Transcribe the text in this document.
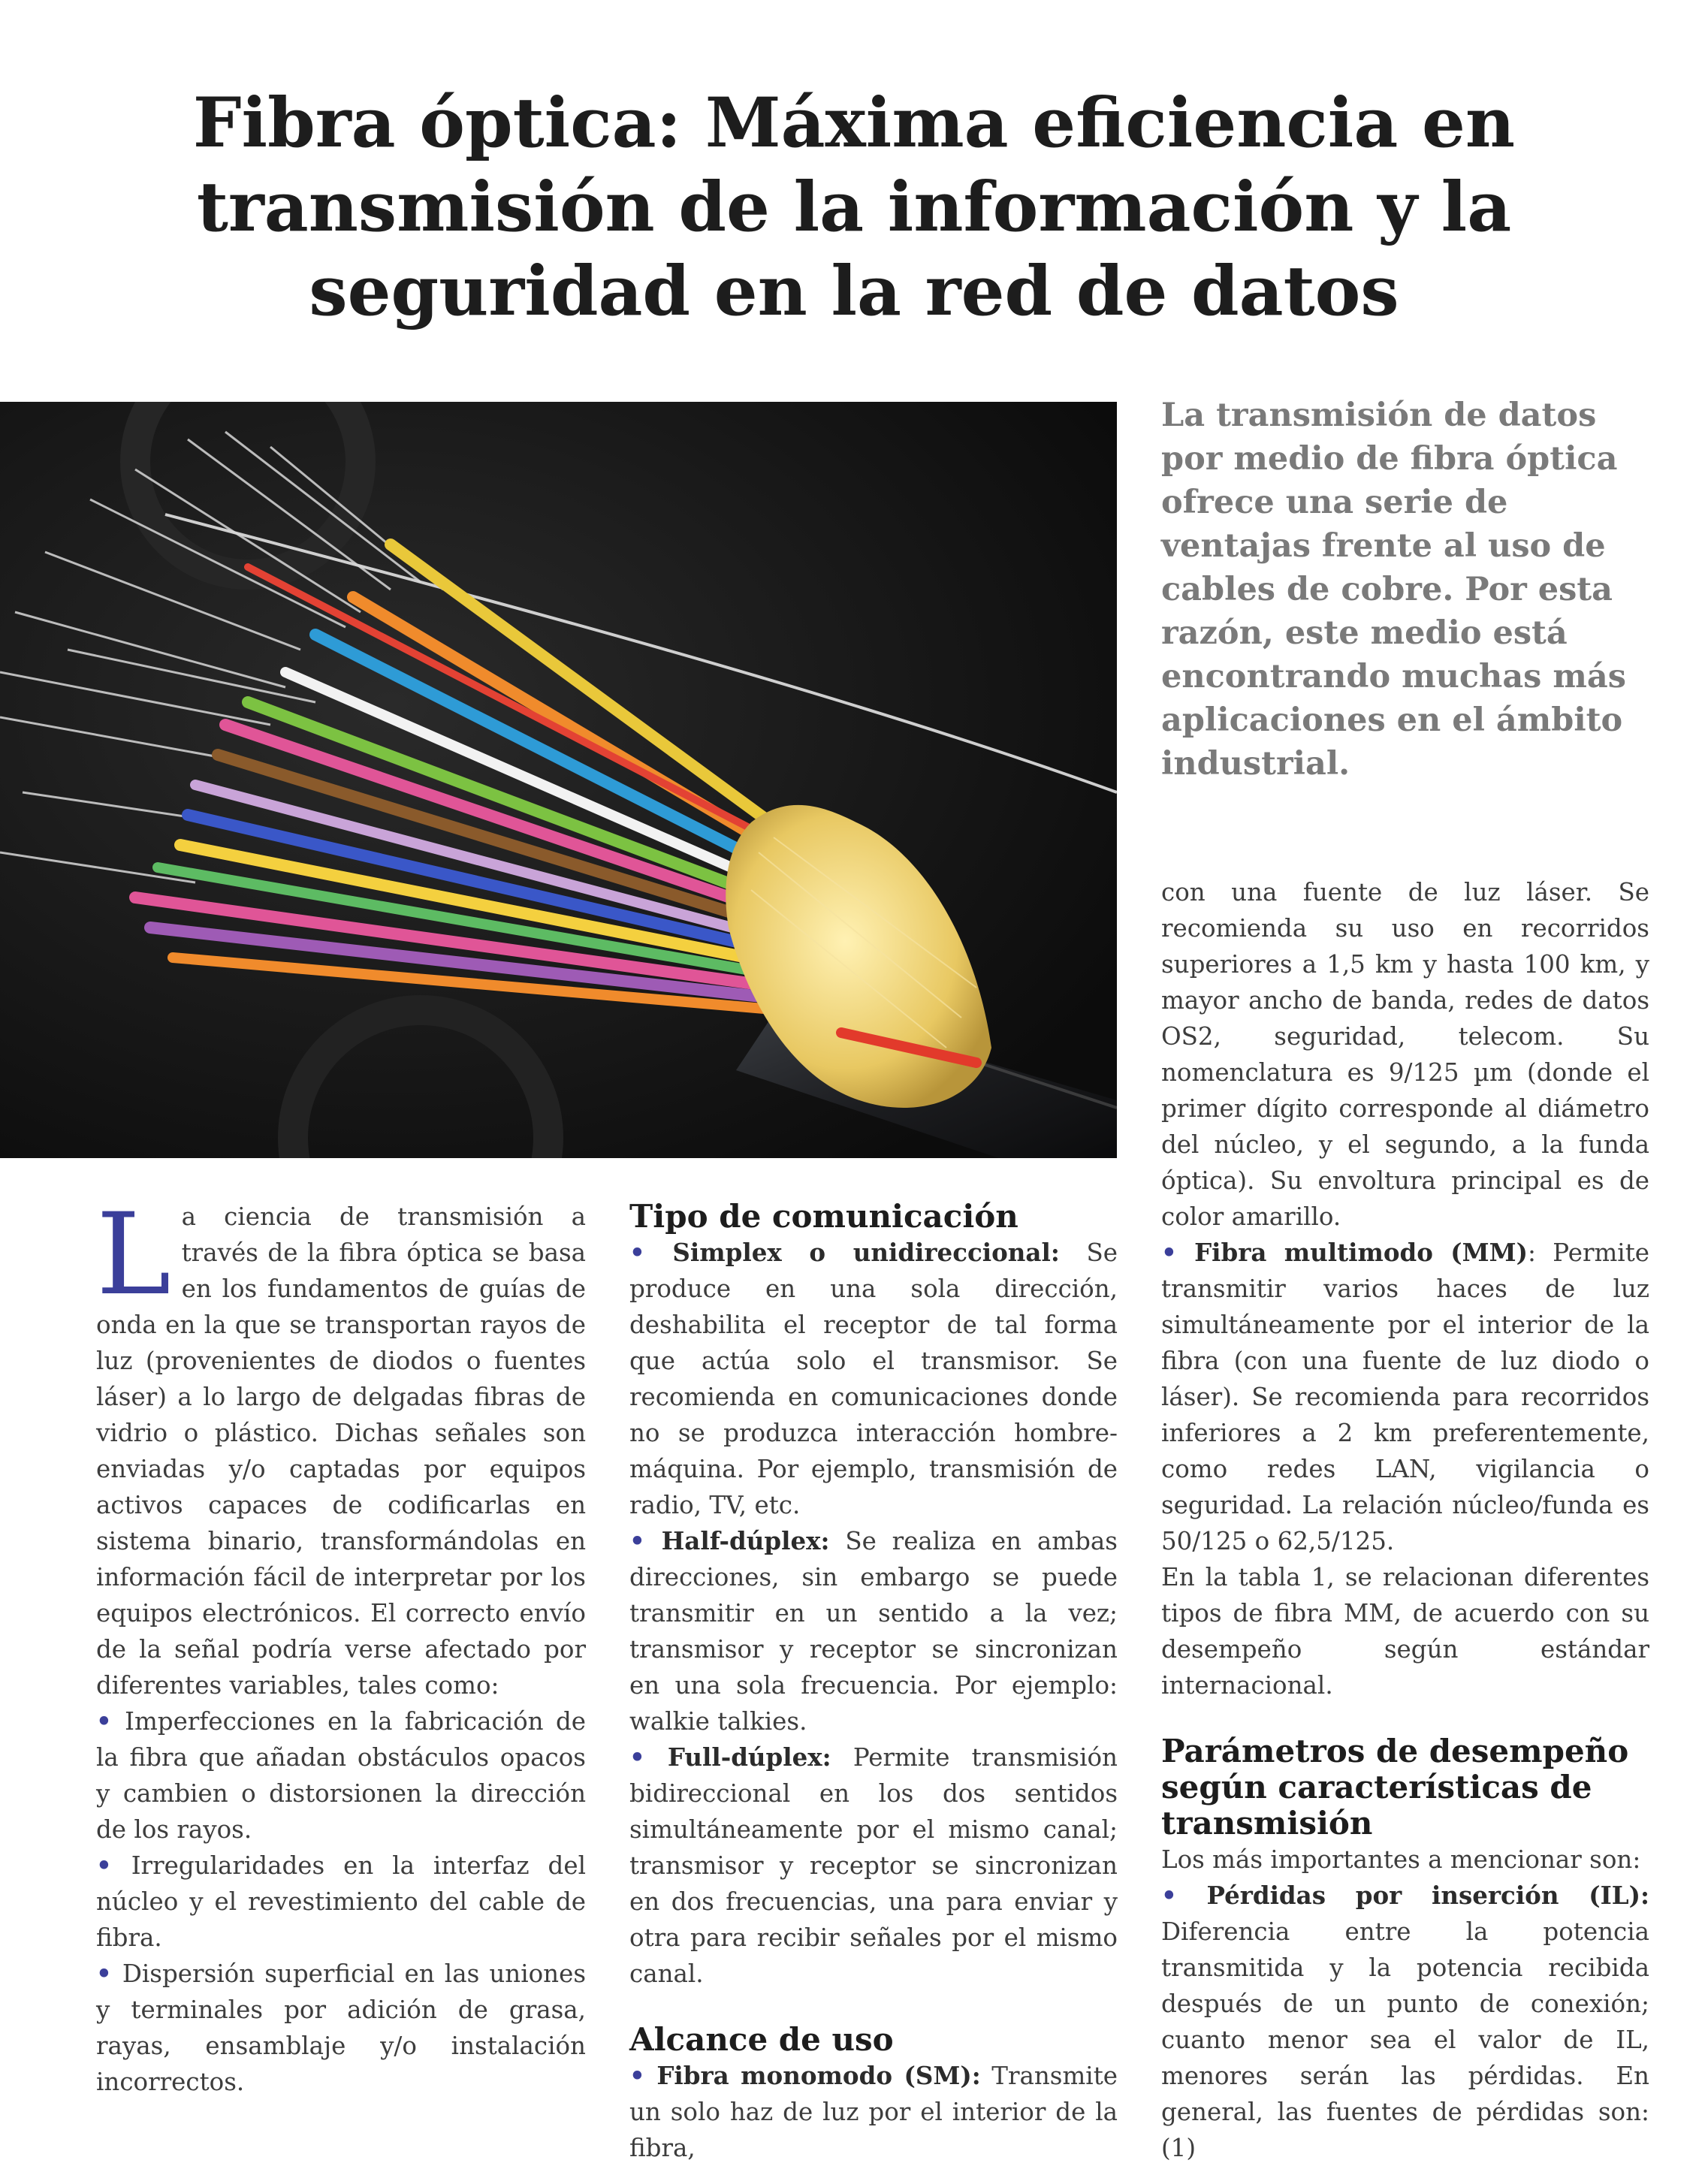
Fibra óptica: Máxima eficiencia en transmisión de la información y la seguridad en la red de datos
La transmisión de datos por medio de fibra óptica ofrece una serie de ventajas frente al uso de cables de cobre. Por esta razón, este medio está encontrando muchas más aplicaciones en el ámbito industrial.
L a ciencia de transmisión a través de la fibra óptica se basa en los fundamentos de guías de onda en la que se transportan rayos de luz (provenientes de diodos o fuentes láser) a lo largo de delgadas fibras de vidrio o plástico. Dichas señales son enviadas y/o captadas por equipos activos capaces de codificarlas en sistema binario, transformándolas en información fácil de interpretar por los equipos electrónicos. El correcto envío de la señal podría verse afectado por diferentes variables, tales como:

• Imperfecciones en la fabricación de la fibra que añadan obstáculos opacos y cambien o distorsionen la dirección de los rayos.

• Irregularidades en la interfaz del núcleo y el revestimiento del cable de fibra.

• Dispersión superficial en las uniones y terminales por adición de grasa, rayas, ensamblaje y/o instalación incorrectos.

Tipo de comunicación

• Simplex o unidireccional: Se produce en una sola dirección, deshabilita el receptor de tal forma que actúa solo el transmisor. Se recomienda en comunicaciones donde no se produzca interacción hombre-máquina. Por ejemplo, transmisión de radio, TV, etc.

• Half-dúplex: Se realiza en ambas direcciones, sin embargo se puede transmitir en un sentido a la vez; transmisor y receptor se sincronizan en una sola frecuencia. Por ejemplo: walkie talkies.

• Full-dúplex: Permite transmisión bidireccional en los dos sentidos simultáneamente por el mismo canal; transmisor y receptor se sincronizan en dos frecuencias, una para enviar y otra para recibir señales por el mismo canal.

Alcance de uso

• Fibra monomodo (SM): Transmite un solo haz de luz por el interior de la fibra,

con una fuente de luz láser. Se recomienda su uso en recorridos superiores a 1,5 km y hasta 100 km, y mayor ancho de banda, redes de datos OS2, seguridad, telecom. Su nomenclatura es 9/125 µm (donde el primer dígito corresponde al diámetro del núcleo, y el segundo, a la funda óptica). Su envoltura principal es de color amarillo.

• Fibra multimodo (MM): Permite transmitir varios haces de luz simultáneamente por el interior de la fibra (con una fuente de luz diodo o láser). Se recomienda para recorridos inferiores a 2 km preferentemente, como redes LAN, vigilancia o seguridad. La relación núcleo/funda es 50/125 o 62,5/125.

En la tabla 1, se relacionan diferentes tipos de fibra MM, de acuerdo con su desempeño según estándar internacional.

Parámetros de desempeño según características de transmisión

Los más importantes a mencionar son:

• Pérdidas por inserción (IL): Diferencia entre la potencia transmitida y la potencia recibida después de un punto de conexión; cuanto menor sea el valor de IL, menores serán las pérdidas. En general, las fuentes de pérdidas son: (1)
